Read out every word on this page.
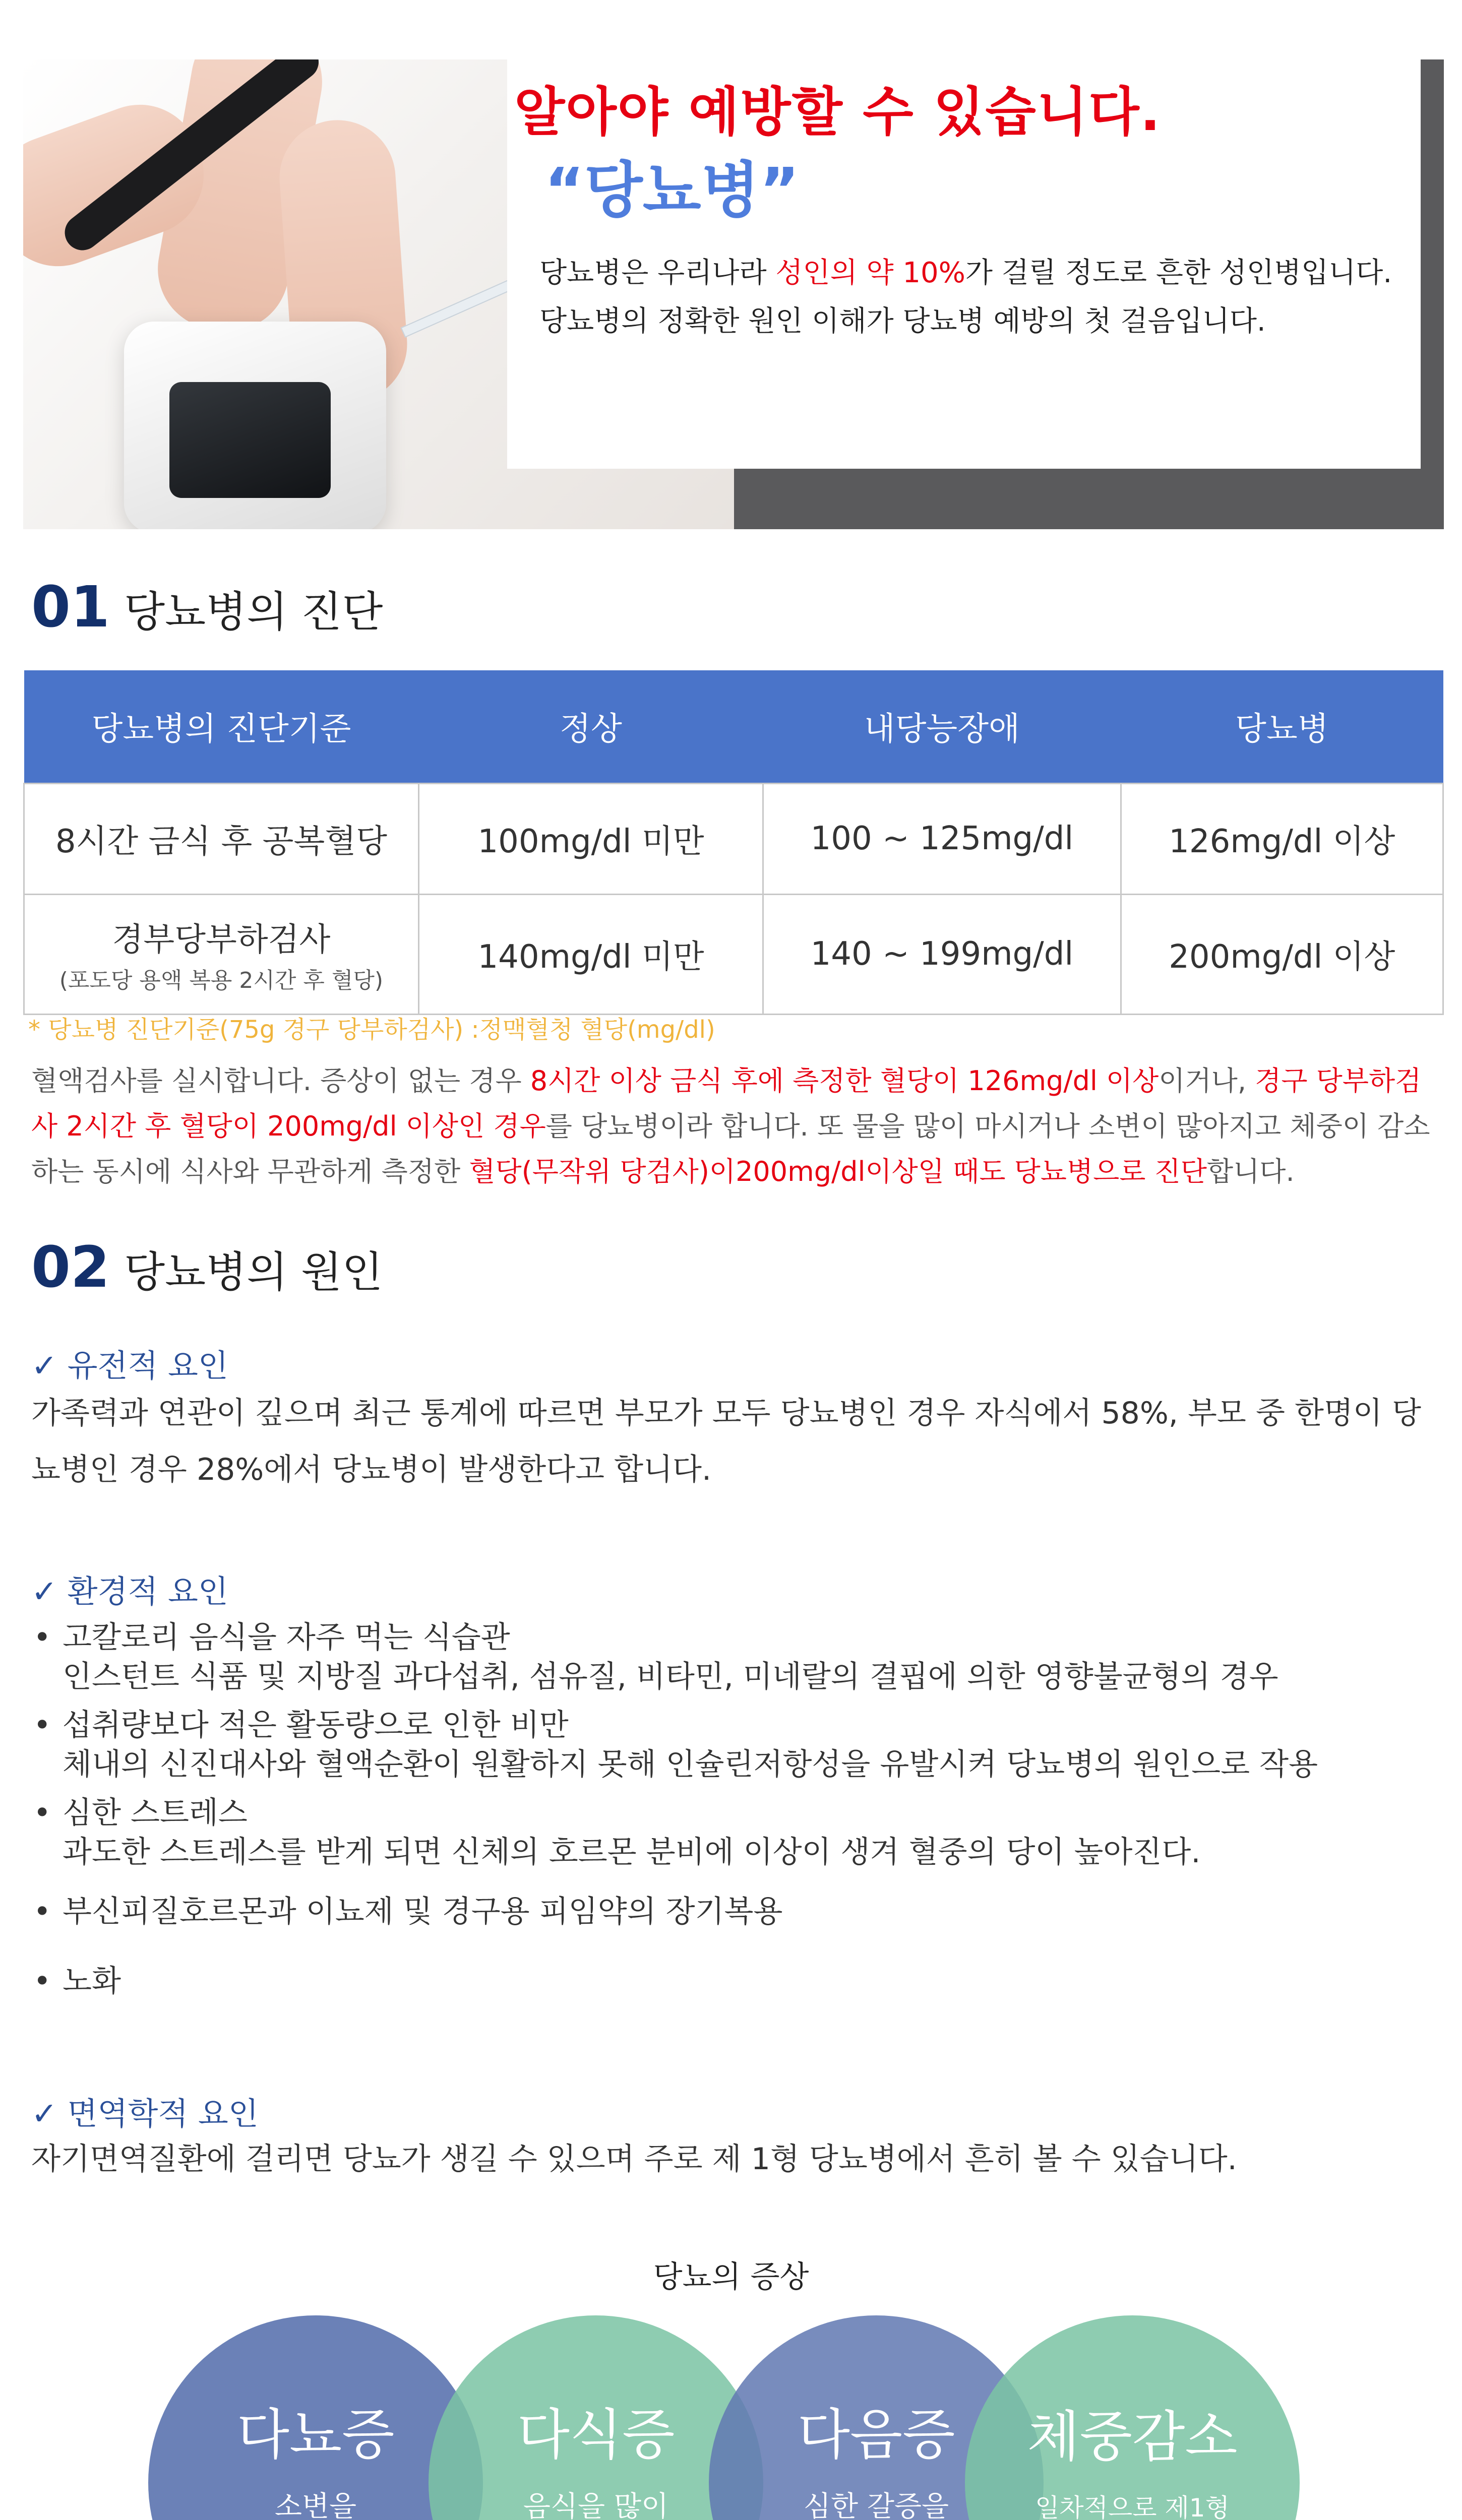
알아야 예방할 수 있습니다.
“당뇨병”
당뇨병은 우리나라 성인의 약 10%가 걸릴 정도로 흔한 성인병입니다.
당뇨병의 정확한 원인 이해가 당뇨병 예방의 첫 걸음입니다.
01 당뇨병의 진단
당뇨병의 진단기준	정상	내당능장애	당뇨병
8시간 금식 후 공복혈당	100mg/dl 미만	100 ~ 125mg/dl	126mg/dl 이상
경부당부하검사
(포도당 용액 복용 2시간 후 혈당)	140mg/dl 미만	140 ~ 199mg/dl	200mg/dl 이상
* 당뇨병 진단기준(75g 경구 당부하검사) :정맥혈청 혈당(mg/dl)
혈액검사를 실시합니다. 증상이 없는 경우 8시간 이상 금식 후에 측정한 혈당이 126mg/dl 이상이거나, 경구 당부하검사 2시간 후 혈당이 200mg/dl 이상인 경우를 당뇨병이라 합니다. 또 물을 많이 마시거나 소변이 많아지고 체중이 감소하는 동시에 식사와 무관하게 측정한 혈당(무작위 당검사)이200mg/dl이상일 때도 당뇨병으로 진단합니다.
02 당뇨병의 원인
✓ 유전적 요인
가족력과 연관이 깊으며 최근 통계에 따르면 부모가 모두 당뇨병인 경우 자식에서 58%, 부모 중 한명이 당뇨병인 경우 28%에서 당뇨병이 발생한다고 합니다.
✓ 환경적 요인
• 고칼로리 음식을 자주 먹는 식습관
인스턴트 식품 및 지방질 과다섭취, 섬유질, 비타민, 미네랄의 결핍에 의한 영향불균형의 경우
• 섭취량보다 적은 활동량으로 인한 비만
체내의 신진대사와 혈액순환이 원활하지 못해 인슐린저항성을 유발시켜 당뇨병의 원인으로 작용
• 심한 스트레스
과도한 스트레스를 받게 되면 신체의 호르몬 분비에 이상이 생겨 혈중의 당이 높아진다.
• 부신피질호르몬과 이뇨제 및 경구용 피임약의 장기복용
• 노화
✓ 면역학적 요인
자기면역질환에 걸리면 당뇨가 생길 수 있으며 주로 제 1형 당뇨병에서 흔히 볼 수 있습니다.
당뇨의 증상
다뇨증
소변을
다식증
음식을 많이
다음증
심한 갈증을
체중감소
일차적으로 제1형
